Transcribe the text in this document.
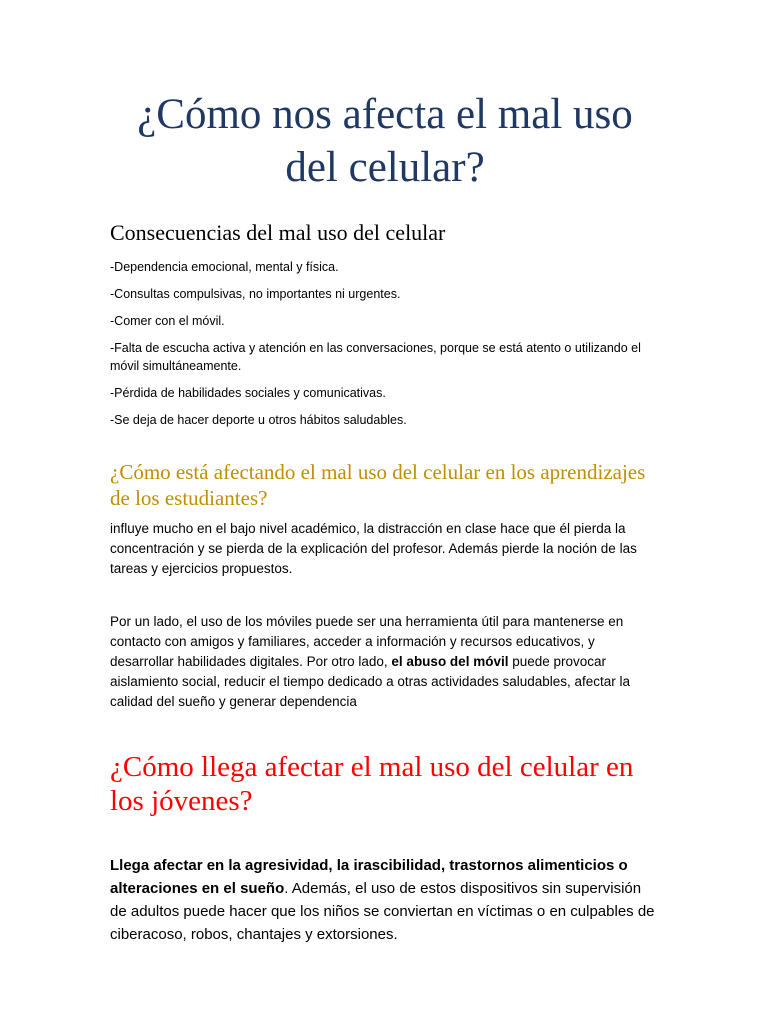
¿Cómo nos afecta el mal uso del celular?
Consecuencias del mal uso del celular

-Dependencia emocional, mental y física.

-Consultas compulsivas, no importantes ni urgentes.

-Comer con el móvil.

-Falta de escucha activa y atención en las conversaciones, porque se está atento o utilizando el móvil simultáneamente.

-Pérdida de habilidades sociales y comunicativas.

-Se deja de hacer deporte u otros hábitos saludables.

¿Cómo está afectando el mal uso del celular en los aprendizajes de los estudiantes?

influye mucho en el bajo nivel académico, la distracción en clase hace que él pierda la concentración y se pierda de la explicación del profesor. Además pierde la noción de las tareas y ejercicios propuestos.

Por un lado, el uso de los móviles puede ser una herramienta útil para mantenerse en contacto con amigos y familiares, acceder a información y recursos educativos, y desarrollar habilidades digitales. Por otro lado, el abuso del móvil puede provocar aislamiento social, reducir el tiempo dedicado a otras actividades saludables, afectar la calidad del sueño y generar dependencia

¿Cómo llega afectar el mal uso del celular en los jóvenes?

Llega afectar en la agresividad, la irascibilidad, trastornos alimenticios o alteraciones en el sueño. Además, el uso de estos dispositivos sin supervisión de adultos puede hacer que los niños se conviertan en víctimas o en culpables de ciberacoso, robos, chantajes y extorsiones.
